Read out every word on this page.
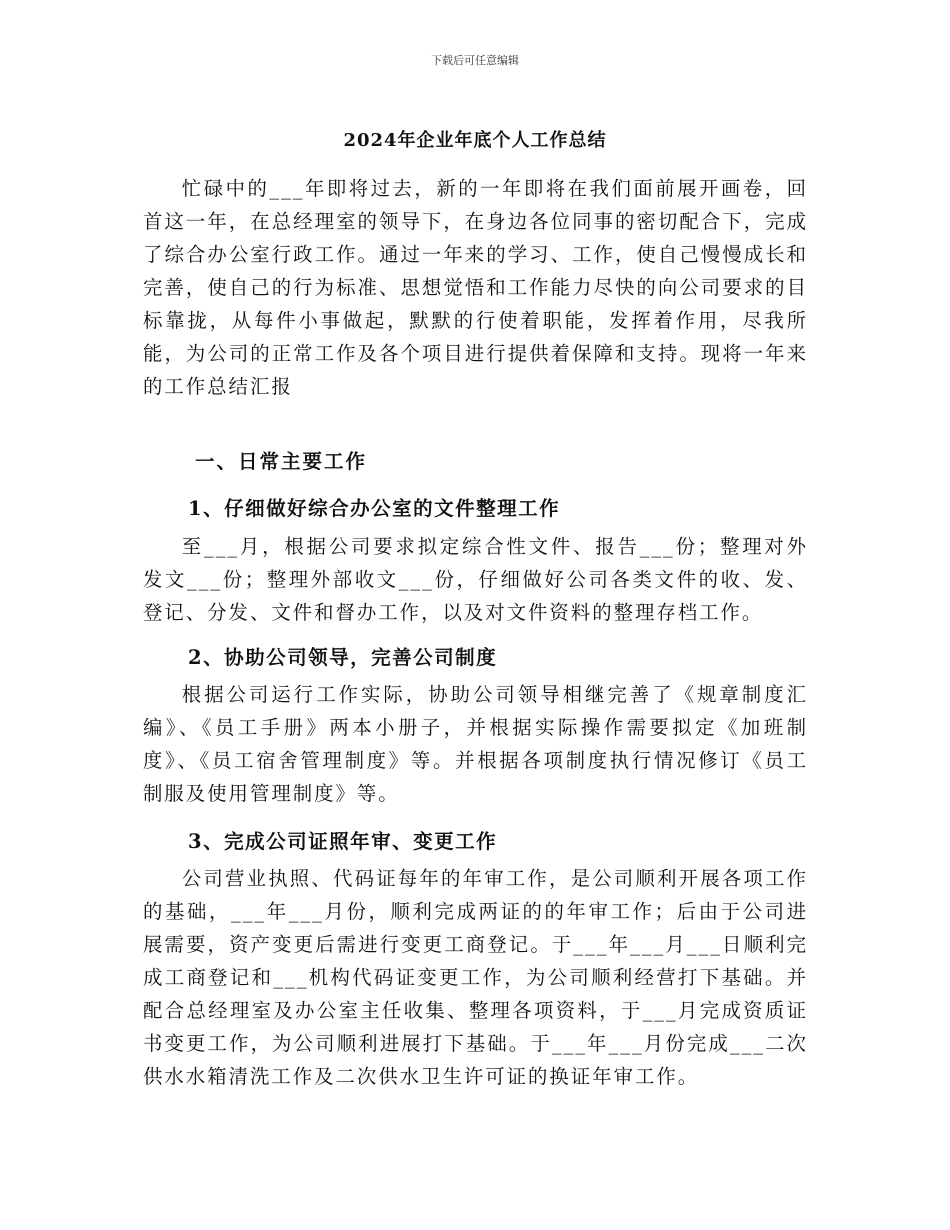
下载后可任意编辑
2024年企业年底个人工作总结

忙碌中的___年即将过去，新的一年即将在我们面前展开画卷，回首这一年，在总经理室的领导下，在身边各位同事的密切配合下，完成了综合办公室行政工作。通过一年来的学习、工作，使自己慢慢成长和完善，使自己的行为标准、思想觉悟和工作能力尽快的向公司要求的目标靠拢，从每件小事做起，默默的行使着职能，发挥着作用，尽我所能，为公司的正常工作及各个项目进行提供着保障和支持。现将一年来的工作总结汇报

一、日常主要工作
1、仔细做好综合办公室的文件整理工作

至___月，根据公司要求拟定综合性文件、报告___份；整理对外发文___份；整理外部收文___份，仔细做好公司各类文件的收、发、登记、分发、文件和督办工作，以及对文件资料的整理存档工作。

2、协助公司领导，完善公司制度

根据公司运行工作实际，协助公司领导相继完善了《规章制度汇编》、《员工手册》两本小册子，并根据实际操作需要拟定《加班制度》、《员工宿舍管理制度》等。并根据各项制度执行情况修订《员工制服及使用管理制度》等。

3、完成公司证照年审、变更工作

公司营业执照、代码证每年的年审工作，是公司顺利开展各项工作的基础，___年___月份，顺利完成两证的的年审工作；后由于公司进展需要，资产变更后需进行变更工商登记。于___年___月___日顺利完成工商登记和___机构代码证变更工作，为公司顺利经营打下基础。并配合总经理室及办公室主任收集、整理各项资料，于___月完成资质证书变更工作，为公司顺利进展打下基础。于___年___月份完成___二次供水水箱清洗工作及二次供水卫生许可证的换证年审工作。
